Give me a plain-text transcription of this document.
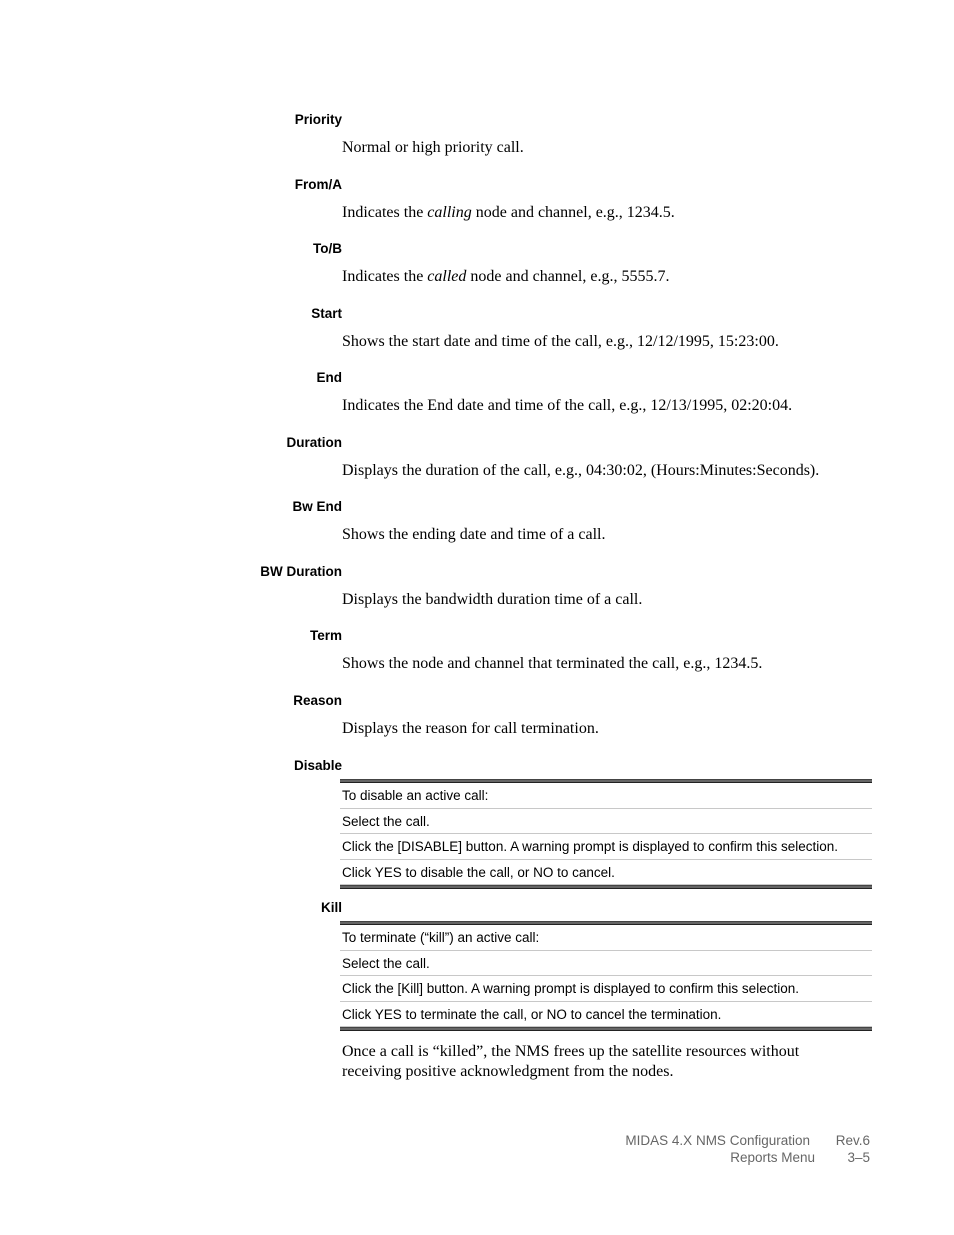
Priority
Normal or high priority call.
From/A
Indicates the calling node and channel, e.g., 1234.5.
To/B
Indicates the called node and channel, e.g., 5555.7.
Start
Shows the start date and time of the call, e.g., 12/12/1995, 15:23:00.
End
Indicates the End date and time of the call, e.g., 12/13/1995, 02:20:04.
Duration
Displays the duration of the call, e.g., 04:30:02, (Hours:Minutes:Seconds).
Bw End
Shows the ending date and time of a call.
BW Duration
Displays the bandwidth duration time of a call.
Term
Shows the node and channel that terminated the call, e.g., 1234.5.
Reason
Displays the reason for call termination.
Disable
To disable an active call:
Select the call.
Click the [DISABLE] button. A warning prompt is displayed to confirm this selection.
Click YES to disable the call, or NO to cancel.
Kill
To terminate (“kill”) an active call:
Select the call.
Click the [Kill] button. A warning prompt is displayed to confirm this selection.
Click YES to terminate the call, or NO to cancel the termination.
Once a call is “killed”, the NMS frees up the satellite resources without receiving positive acknowledgment from the nodes.
MIDAS 4.X NMS Configuration Rev.6
Reports Menu 3–5
